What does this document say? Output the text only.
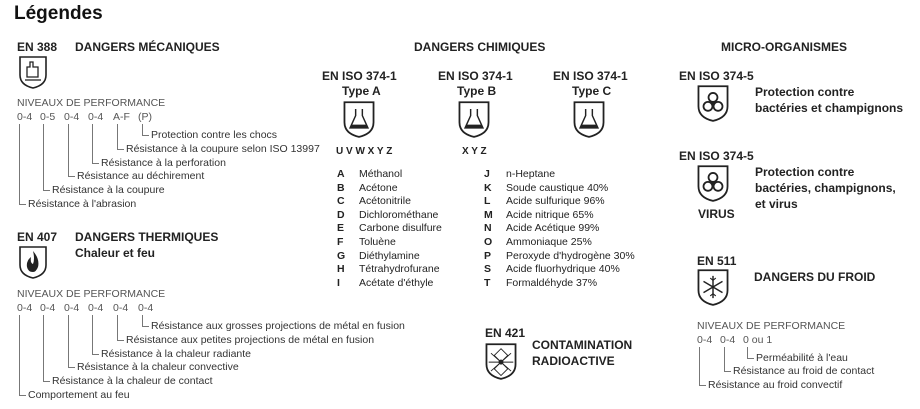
Légendes
EN 388 DANGERS MÉCANIQUES
NIVEAUX DE PERFORMANCE
0-4 0-5 0-4 0-4 A-F (P)
Protection contre les chocs
Résistance à la coupure selon ISO 13997
Résistance à la perforation
Résistance au déchirement
Résistance à la coupure
Résistance à l'abrasion
EN 407 DANGERS THERMIQUES
Chaleur et feu
NIVEAUX DE PERFORMANCE
0-4 0-4 0-4 0-4 0-4 0-4
Résistance aux grosses projections de métal en fusion
Résistance aux petites projections de métal en fusion
Résistance à la chaleur radiante
Résistance à la chaleur convective
Résistance à la chaleur de contact
Comportement au feu
DANGERS CHIMIQUES
EN ISO 374-1
Type A
U V W X Y Z
EN ISO 374-1
Type B
X Y Z
EN ISO 374-1
Type C
A Méthanol
B Acétone
C Acétonitrile
D Dichlorométhane
E Carbone disulfure
F Toluène
G Diéthylamine
H Tétrahydrofurane
I Acétate d'éthyle
J n-Heptane
K Soude caustique 40%
L Acide sulfurique 96%
M Acide nitrique 65%
N Acide Acétique 99%
O Ammoniaque 25%
P Peroxyde d'hydrogène 30%
S Acide fluorhydrique 40%
T Formaldéhyde 37%
EN 421
CONTAMINATION
RADIOACTIVE
MICRO-ORGANISMES
EN ISO 374-5
Protection contre
bactéries et champignons
EN ISO 374-5
VIRUS
Protection contre
bactéries, champignons,
et virus
EN 511
DANGERS DU FROID
NIVEAUX DE PERFORMANCE
0-4 0-4 0 ou 1
Perméabilité à l'eau
Résistance au froid de contact
Résistance au froid convectif
